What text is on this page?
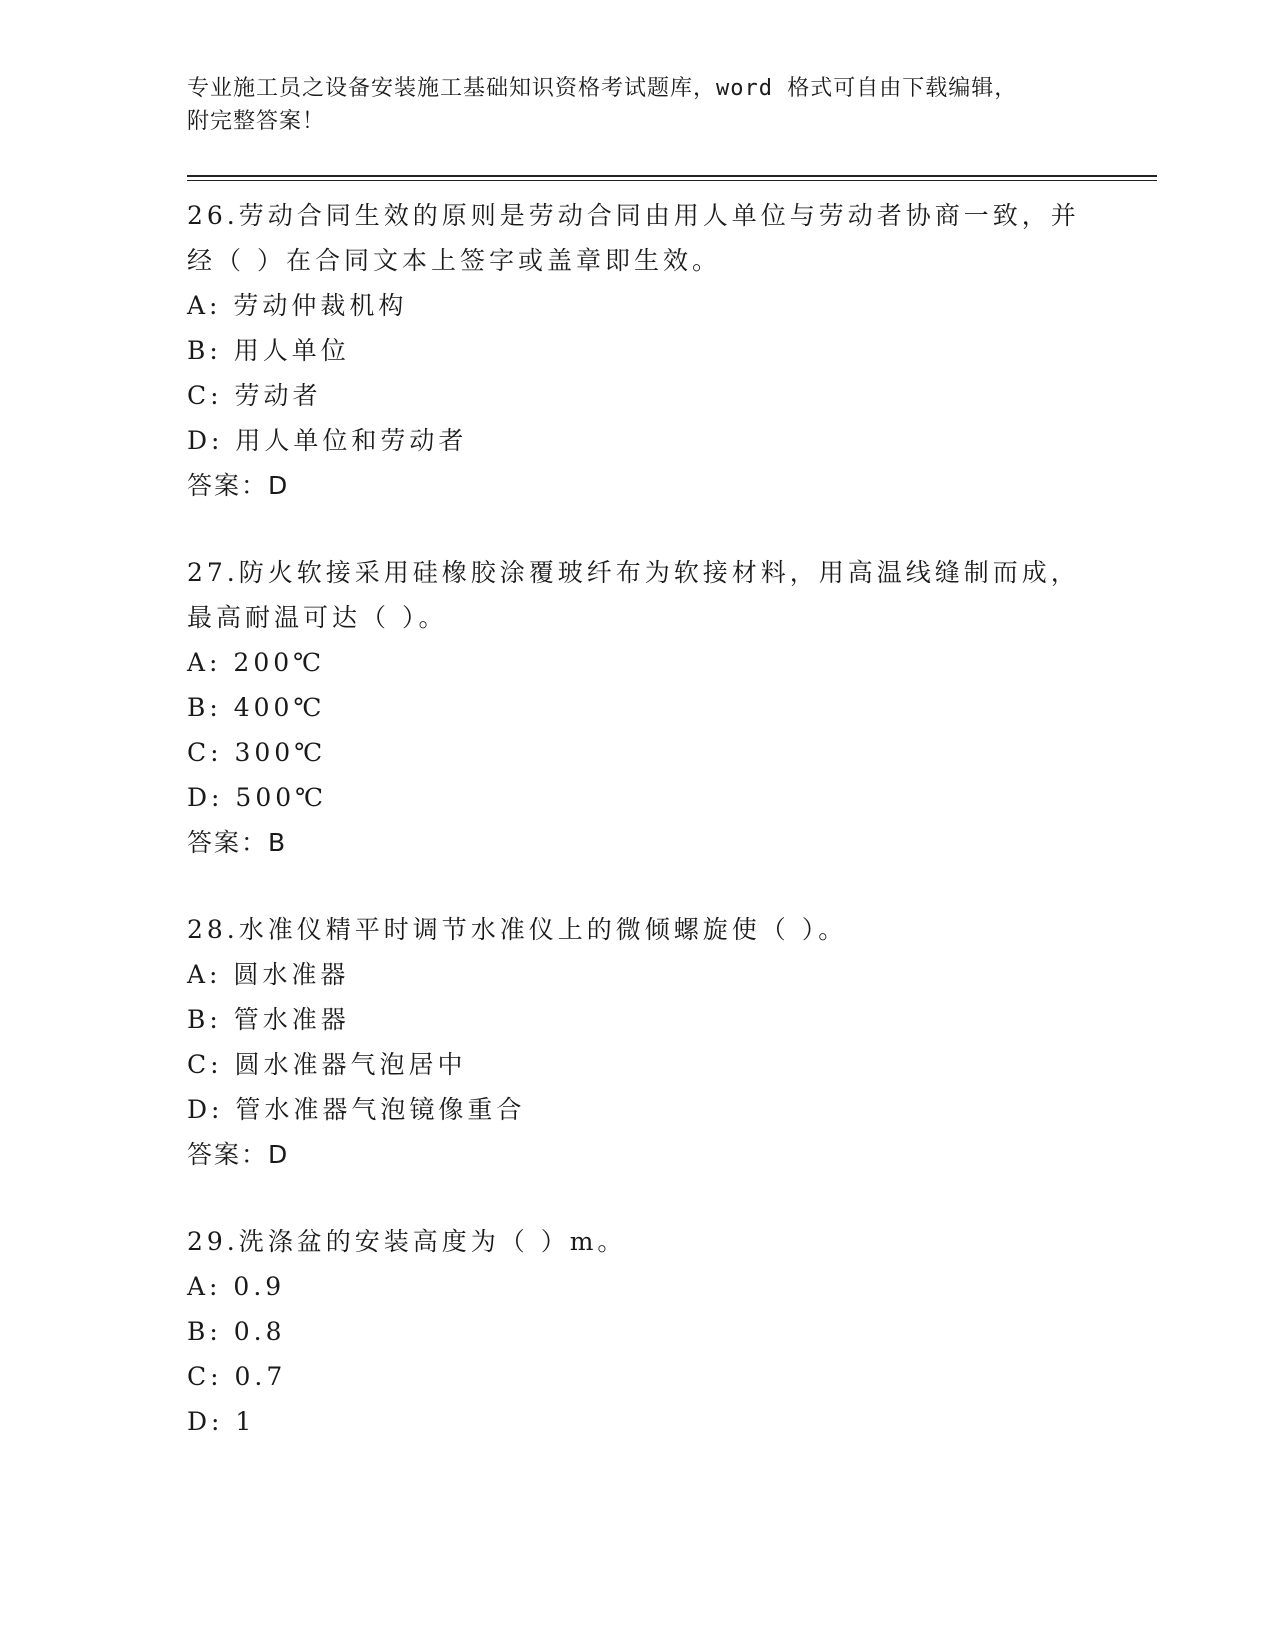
专业施工员之设备安装施工基础知识资格考试题库，word 格式可自由下载编辑，
附完整答案！
26.劳动合同生效的原则是劳动合同由用人单位与劳动者协商一致，并
经（ ）在合同文本上签字或盖章即生效。
A: 劳动仲裁机构
B: 用人单位
C: 劳动者
D: 用人单位和劳动者
答案：D
27.防火软接采用硅橡胶涂覆玻纤布为软接材料，用高温线缝制而成，
最高耐温可达（ ）。
A: 200℃
B: 400℃
C: 300℃
D: 500℃
答案：B
28.水准仪精平时调节水准仪上的微倾螺旋使（ ）。
A: 圆水准器
B: 管水准器
C: 圆水准器气泡居中
D: 管水准器气泡镜像重合
答案：D
29.洗涤盆的安装高度为（ ）m。
A: 0.9
B: 0.8
C: 0.7
D: 1
